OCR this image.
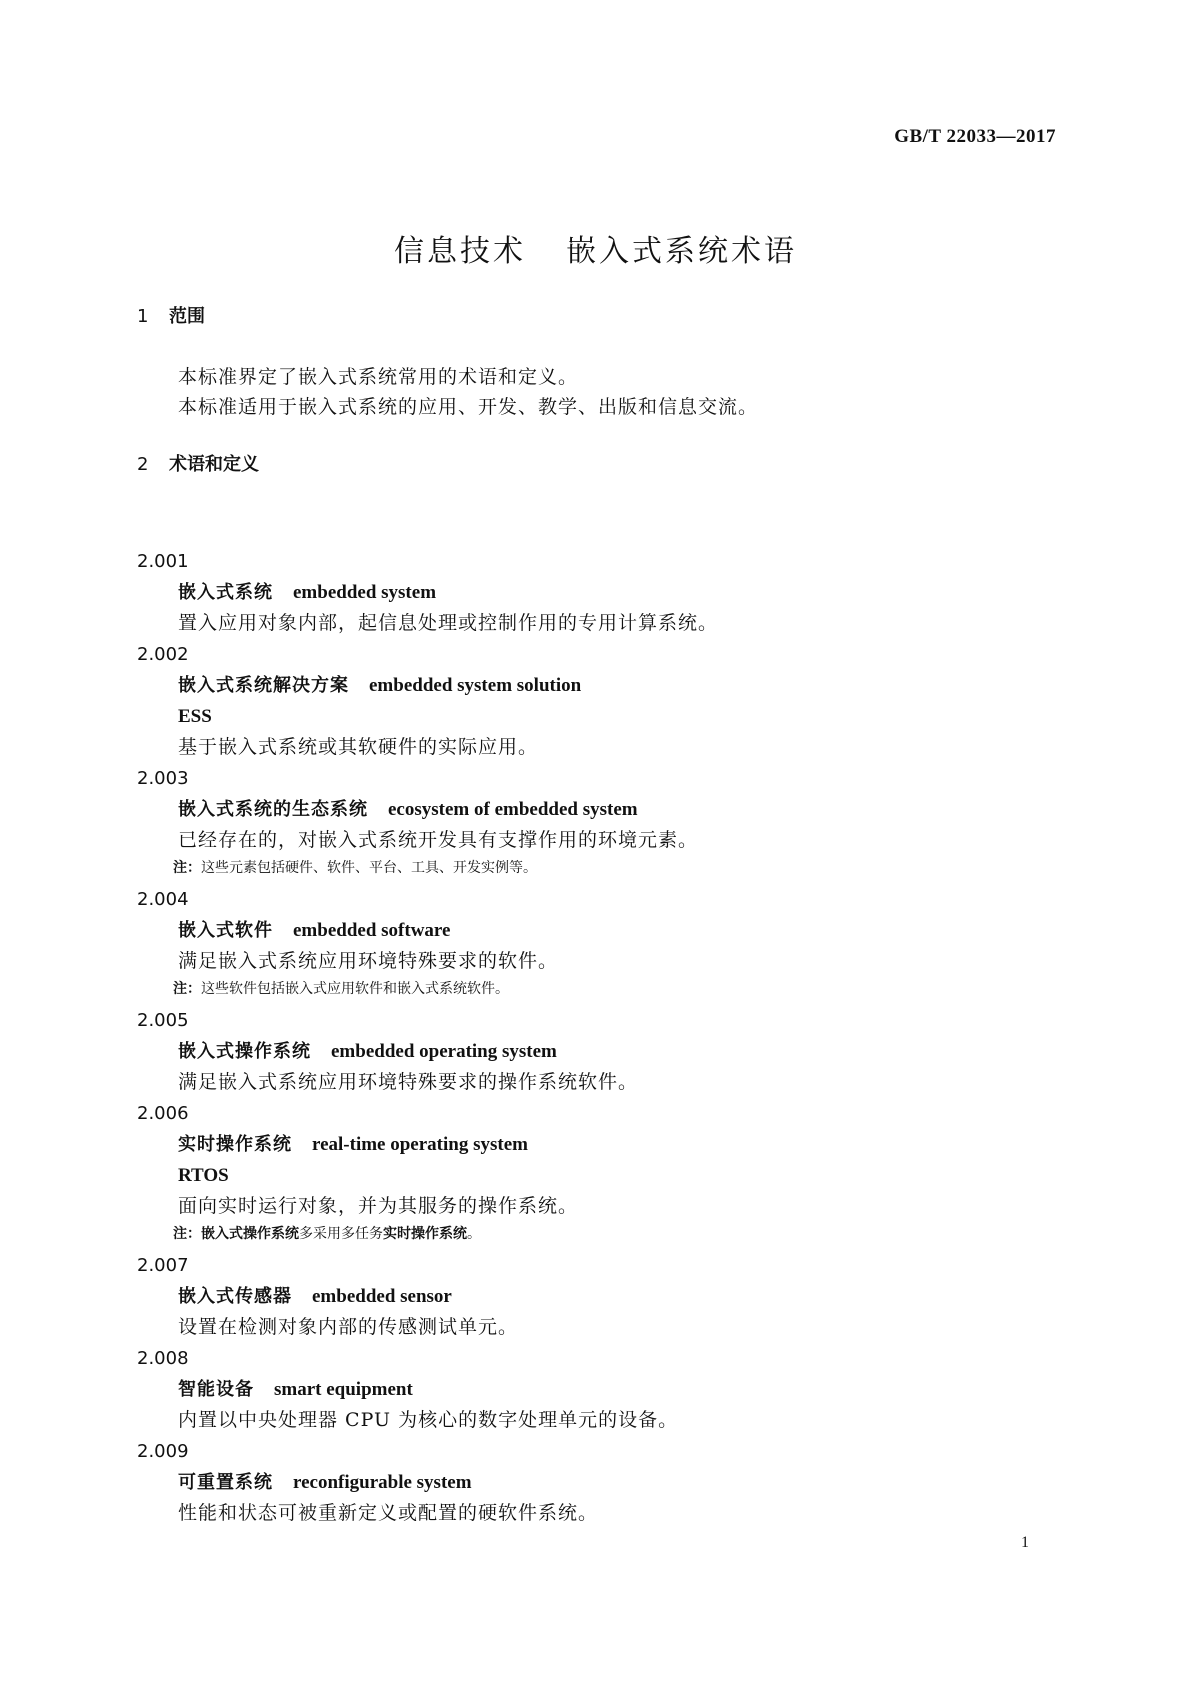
GB/T 22033—2017
信息技术 嵌入式系统术语
1 范围
本标准界定了嵌入式系统常用的术语和定义。
本标准适用于嵌入式系统的应用、开发、教学、出版和信息交流。
2 术语和定义
2.001
嵌入式系统 embedded system
置入应用对象内部，起信息处理或控制作用的专用计算系统。
2.002
嵌入式系统解决方案 embedded system solution
ESS
基于嵌入式系统或其软硬件的实际应用。
2.003
嵌入式系统的生态系统 ecosystem of embedded system
已经存在的，对嵌入式系统开发具有支撑作用的环境元素。
注：这些元素包括硬件、软件、平台、工具、开发实例等。
2.004
嵌入式软件 embedded software
满足嵌入式系统应用环境特殊要求的软件。
注：这些软件包括嵌入式应用软件和嵌入式系统软件。
2.005
嵌入式操作系统 embedded operating system
满足嵌入式系统应用环境特殊要求的操作系统软件。
2.006
实时操作系统 real-time operating system
RTOS
面向实时运行对象，并为其服务的操作系统。
注：嵌入式操作系统多采用多任务实时操作系统。
2.007
嵌入式传感器 embedded sensor
设置在检测对象内部的传感测试单元。
2.008
智能设备 smart equipment
内置以中央处理器 CPU 为核心的数字处理单元的设备。
2.009
可重置系统 reconfigurable system
性能和状态可被重新定义或配置的硬软件系统。
1
